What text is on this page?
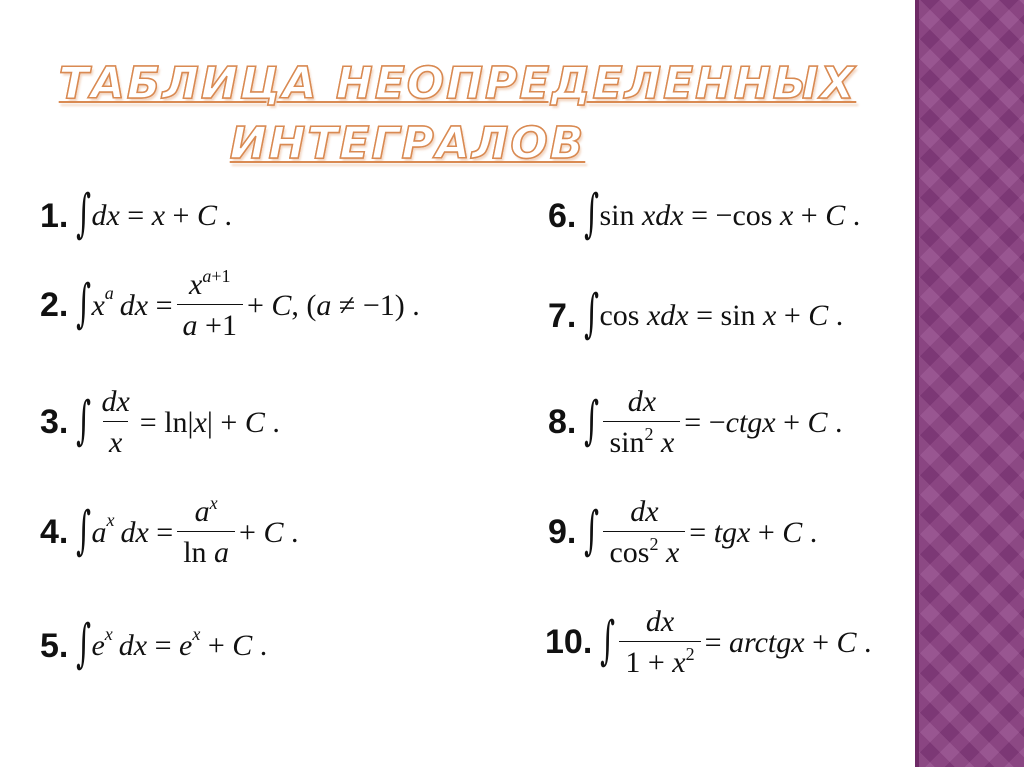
ТАБЛИЦА НЕОПРЕДЕЛЕННЫХ
ИНТЕГРАЛОВ
1. ∫ dx = x + C .
2. ∫ $x^a$ dx = $\frac{x^{a+1}}{a +1} + C$ , ( a ≠ −1) .
3. ∫ $\frac{dx}{x} = \ln|$ x | + C .
4. ∫ $a^x$ dx = $\frac{a^x}{\text{ln a}} + C$ .
5. ∫ $e^x$ dx = $e^x + C$ .
6. ∫ sin xdx = −cos x + C .
7. ∫ cos xdx = sin x + C .
8. ∫ $\frac{dx}{\sin^2 x}$ = − ctgx + C .
9. ∫ $\frac{dx}{\cos^2 x}$ = tgx + C .
10. ∫ $\frac{dx}{1 + x^2}$ = arctgx + C .
